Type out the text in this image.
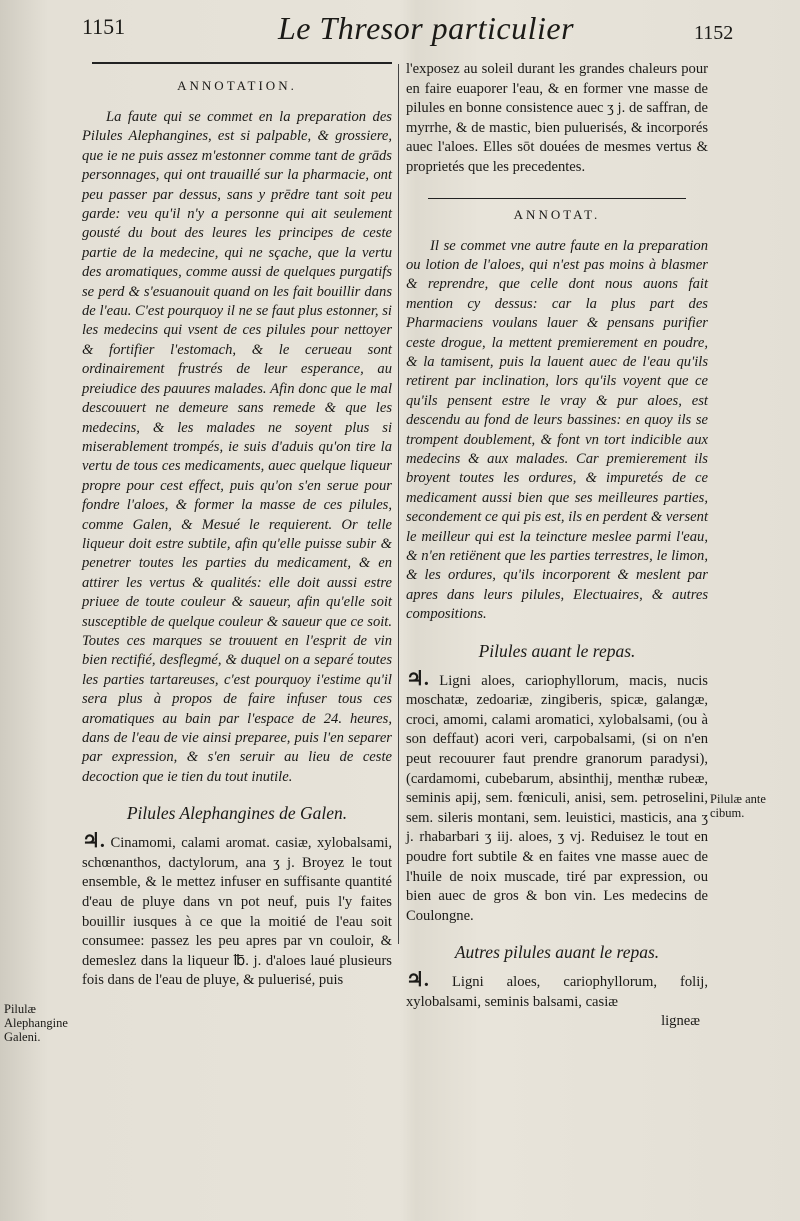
1151	Le Thresor particulier	1152
ANNOTATION.

La faute qui se commet en la preparation des Pilules Alephangines, est si palpable, & grossiere, que ie ne puis assez m'estonner comme tant de grāds personnages, qui ont trauaillé sur la pharmacie, ont peu passer par dessus, sans y prēdre tant soit peu garde: veu qu'il n'y a personne qui ait seulement gousté du bout des leures les principes de ceste partie de la medecine, qui ne sçache, que la vertu des aromatiques, comme aussi de quelques purgatifs se perd & s'esuanouit quand on les fait bouillir dans de l'eau. C'est pourquoy il ne se faut plus estonner, si les medecins qui vsent de ces pilules pour nettoyer & fortifier l'estomach, & le cerueau sont ordinairement frustrés de leur esperance, au preiudice des pauures malades. Afin donc que le mal descouuert ne demeure sans remede & que les medecins, & les malades ne soyent plus si miserablement trompés, ie suis d'aduis qu'on tire la vertu de tous ces medicaments, auec quelque liqueur propre pour cest effect, puis qu'on s'en serue pour fondre l'aloes, & former la masse de ces pilules, comme Galen, & Mesué le requierent. Or telle liqueur doit estre subtile, afin qu'elle puisse subir & penetrer toutes les parties du medicament, & en attirer les vertus & qualités: elle doit aussi estre priuee de toute couleur & saueur, afin qu'elle soit susceptible de quelque couleur & saueur que ce soit. Toutes ces marques se trouuent en l'esprit de vin bien rectifié, desflegmé, & duquel on a separé toutes les parties tartareuses, c'est pourquoy i'estime qu'il sera plus à propos de faire infuser tous ces aromatiques au bain par l'espace de 24. heures, dans de l'eau de vie ainsi preparee, puis l'en separer par expression, & s'en seruir au lieu de ceste decoction que ie tien du tout inutile.

Pilules Alephangines de Galen.

♃. Cinamomi, calami aromat. casiæ, xylobalsami, schœnanthos, dactylorum, ana ʒ j. Broyez le tout ensemble, & le mettez infuser en suffisante quantité d'eau de pluye dans vn pot neuf, puis l'y faites bouillir iusques à ce que la moitié de l'eau soit consumee: passez les peu apres par vn couloir, & demeslez dans la liqueur ℔. j. d'aloes laué plusieurs fois dans de l'eau de pluye, & puluerisé, puis

Pilulæ Alephangine Galeni.

l'exposez au soleil durant les grandes chaleurs pour en faire euaporer l'eau, & en former vne masse de pilules en bonne consistence auec ʒ j. de saffran, de myrrhe, & de mastic, bien puluerisés, & incorporés auec l'aloes. Elles sōt douées de mesmes vertus & proprietés que les precedentes.

ANNOTAT.

Il se commet vne autre faute en la preparation ou lotion de l'aloes, qui n'est pas moins à blasmer & reprendre, que celle dont nous auons fait mention cy dessus: car la plus part des Pharmaciens voulans lauer & pensans purifier ceste drogue, la mettent premierement en poudre, & la tamisent, puis la lauent auec de l'eau qu'ils retirent par inclination, lors qu'ils voyent que ce qu'ils pensent estre le vray & pur aloes, est descendu au fond de leurs bassines: en quoy ils se trompent doublement, & font vn tort indicible aux medecins & aux malades. Car premierement ils broyent toutes les ordures, & impuretés de ce medicament aussi bien que ses meilleures parties, secondement ce qui pis est, ils en perdent & versent le meilleur qui est la teincture meslee parmi l'eau, & n'en retiënent que les parties terrestres, le limon, & les ordures, qu'ils incorporent & meslent par apres dans leurs pilules, Electuaires, & autres compositions.

Pilules auant le repas.

♃. Ligni aloes, cariophyllorum, macis, nucis moschatæ, zedoariæ, zingiberis, spicæ, galangæ, croci, amomi, calami aromatici, xylobalsami, (ou à son deffaut) acori veri, carpobalsami, (si on n'en peut recouurer faut prendre granorum paradysi), (cardamomi, cubebarum, absinthij, menthæ rubeæ, seminis apij, sem. fœniculi, anisi, sem. petroselini, sem. sileris montani, sem. leuistici, masticis, ana ʒ j. rhabarbari ʒ iij. aloes, ʒ vj. Reduisez le tout en poudre fort subtile & en faites vne masse auec de l'huile de noix muscade, tiré par expression, ou bien auec de gros & bon vin. Les medecins de Coulongne.

Autres pilules auant le repas.

♃. Ligni aloes, cariophyllorum, folij, xylobalsami, seminis balsami, casiæ

ligneæ
Pilulæ ante cibum.
